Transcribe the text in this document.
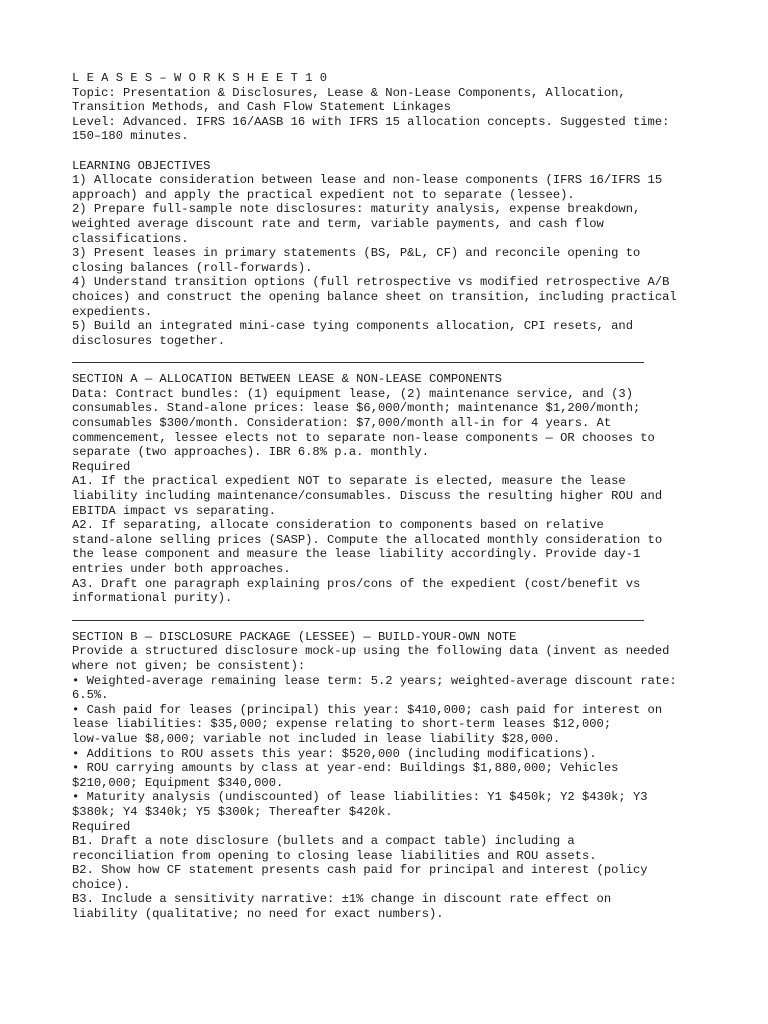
L E A S E S – W O R K S H E E T 1 0
Topic: Presentation & Disclosures, Lease & Non-Lease Components, Allocation,
Transition Methods, and Cash Flow Statement Linkages
Level: Advanced. IFRS 16/AASB 16 with IFRS 15 allocation concepts. Suggested time:
150–180 minutes.
LEARNING OBJECTIVES
1) Allocate consideration between lease and non-lease components (IFRS 16/IFRS 15
approach) and apply the practical expedient not to separate (lessee).
2) Prepare full-sample note disclosures: maturity analysis, expense breakdown,
weighted average discount rate and term, variable payments, and cash flow
classifications.
3) Present leases in primary statements (BS, P&L, CF) and reconcile opening to
closing balances (roll-forwards).
4) Understand transition options (full retrospective vs modified retrospective A/B
choices) and construct the opening balance sheet on transition, including practical
expedients.
5) Build an integrated mini-case tying components allocation, CPI resets, and
disclosures together.
SECTION A — ALLOCATION BETWEEN LEASE & NON-LEASE COMPONENTS
Data: Contract bundles: (1) equipment lease, (2) maintenance service, and (3)
consumables. Stand-alone prices: lease $6,000/month; maintenance $1,200/month;
consumables $300/month. Consideration: $7,000/month all-in for 4 years. At
commencement, lessee elects not to separate non-lease components — OR chooses to
separate (two approaches). IBR 6.8% p.a. monthly.
Required
A1. If the practical expedient NOT to separate is elected, measure the lease
liability including maintenance/consumables. Discuss the resulting higher ROU and
EBITDA impact vs separating.
A2. If separating, allocate consideration to components based on relative
stand-alone selling prices (SASP). Compute the allocated monthly consideration to
the lease component and measure the lease liability accordingly. Provide day-1
entries under both approaches.
A3. Draft one paragraph explaining pros/cons of the expedient (cost/benefit vs
informational purity).
SECTION B — DISCLOSURE PACKAGE (LESSEE) — BUILD-YOUR-OWN NOTE
Provide a structured disclosure mock-up using the following data (invent as needed
where not given; be consistent):
• Weighted-average remaining lease term: 5.2 years; weighted-average discount rate:
6.5%.
• Cash paid for leases (principal) this year: $410,000; cash paid for interest on
lease liabilities: $35,000; expense relating to short-term leases $12,000;
low-value $8,000; variable not included in lease liability $28,000.
• Additions to ROU assets this year: $520,000 (including modifications).
• ROU carrying amounts by class at year-end: Buildings $1,880,000; Vehicles
$210,000; Equipment $340,000.
• Maturity analysis (undiscounted) of lease liabilities: Y1 $450k; Y2 $430k; Y3
$380k; Y4 $340k; Y5 $300k; Thereafter $420k.
Required
B1. Draft a note disclosure (bullets and a compact table) including a
reconciliation from opening to closing lease liabilities and ROU assets.
B2. Show how CF statement presents cash paid for principal and interest (policy
choice).
B3. Include a sensitivity narrative: ±1% change in discount rate effect on
liability (qualitative; no need for exact numbers).
